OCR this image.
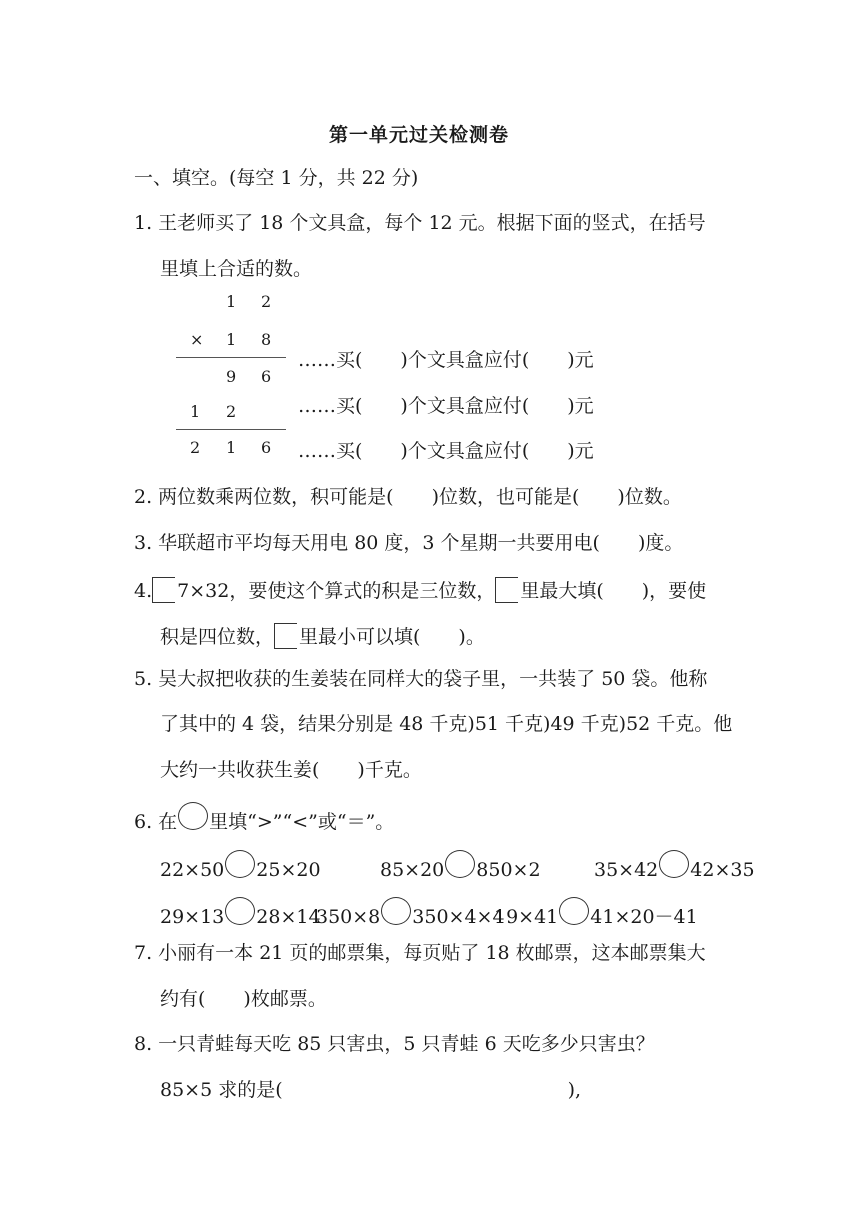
第一单元过关检测卷
一、填空。(每空 1 分，共 22 分)
1. 王老师买了 18 个文具盒，每个 12 元。根据下面的竖式，在括号
里填上合适的数。
1 2
× 1 8
9 6
1 2
2 1 6
……买(　　)个文具盒应付(　　)元
……买(　　)个文具盒应付(　　)元
……买(　　)个文具盒应付(　　)元
2. 两位数乘两位数，积可能是(　　)位数，也可能是(　　)位数。
3. 华联超市平均每天用电 80 度，3 个星期一共要用电(　　)度。
4. 7×32，要使这个算式的积是三位数， 里最大填(　　)，要使
积是四位数， 里最小可以填(　　)。
5. 吴大叔把收获的生姜装在同样大的袋子里，一共装了 50 袋。他称
了其中的 4 袋，结果分别是 48 千克)51 千克)49 千克)52 千克。他
大约一共收获生姜(　　)千克。
6. 在 里填“>”“<”或“＝”。
22×50 25×20	85×20 850×2	35×42 42×35
29×13 28×14
350×8 350×4×4
19×41 41×20－41
7. 小丽有一本 21 页的邮票集，每页贴了 18 枚邮票，这本邮票集大
约有(　　)枚邮票。
8. 一只青蛙每天吃 85 只害虫，5 只青蛙 6 天吃多少只害虫？
85×5 求的是(　　　　　　　　　　　　　　　),
